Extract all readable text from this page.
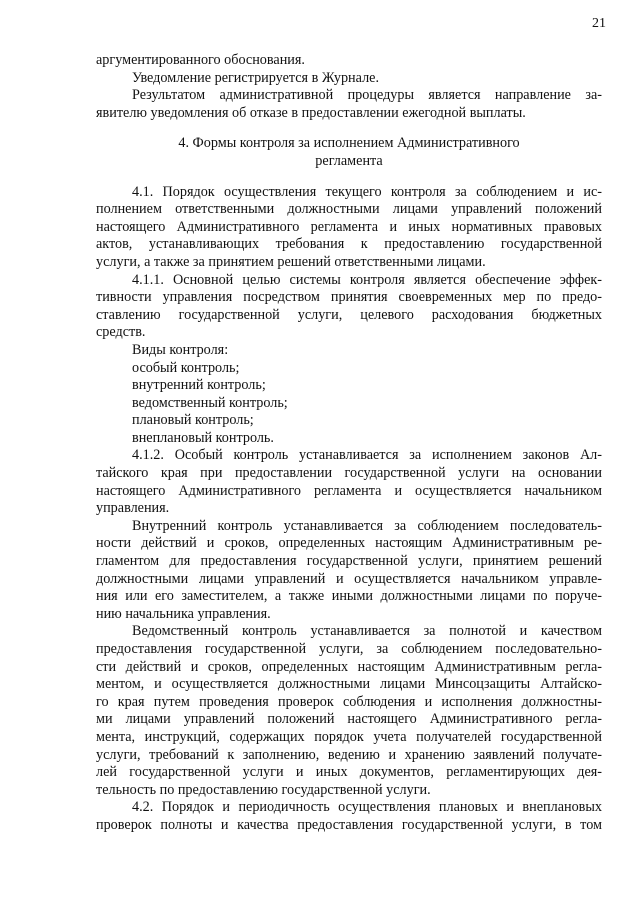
21
аргументированного обоснования.
Уведомление регистрируется в Журнале.
Результатом административной процедуры является направление за-
явителю уведомления об отказе в предоставлении ежегодной выплаты.
4. Формы контроля за исполнением Административного
регламента
4.1. Порядок осуществления текущего контроля за соблюдением и ис-
полнением ответственными должностными лицами управлений положений
настоящего Административного регламента и иных нормативных правовых
актов, устанавливающих требования к предоставлению государственной
услуги, а также за принятием решений ответственными лицами.
4.1.1. Основной целью системы контроля является обеспечение эффек-
тивности управления посредством принятия своевременных мер по предо-
ставлению государственной услуги, целевого расходования бюджетных
средств.
Виды контроля:
особый контроль;
внутренний контроль;
ведомственный контроль;
плановый контроль;
внеплановый контроль.
4.1.2. Особый контроль устанавливается за исполнением законов Ал-
тайского края при предоставлении государственной услуги на основании
настоящего Административного регламента и осуществляется начальником
управления.
Внутренний контроль устанавливается за соблюдением последователь-
ности действий и сроков, определенных настоящим Административным ре-
гламентом для предоставления государственной услуги, принятием решений
должностными лицами управлений и осуществляется начальником управле-
ния или его заместителем, а также иными должностными лицами по поруче-
нию начальника управления.
Ведомственный контроль устанавливается за полнотой и качеством
предоставления государственной услуги, за соблюдением последовательно-
сти действий и сроков, определенных настоящим Административным регла-
ментом, и осуществляется должностными лицами Минсоцзащиты Алтайско-
го края путем проведения проверок соблюдения и исполнения должностны-
ми лицами управлений положений настоящего Административного регла-
мента, инструкций, содержащих порядок учета получателей государственной
услуги, требований к заполнению, ведению и хранению заявлений получате-
лей государственной услуги и иных документов, регламентирующих дея-
тельность по предоставлению государственной услуги.
4.2. Порядок и периодичность осуществления плановых и внеплановых
проверок полноты и качества предоставления государственной услуги, в том
